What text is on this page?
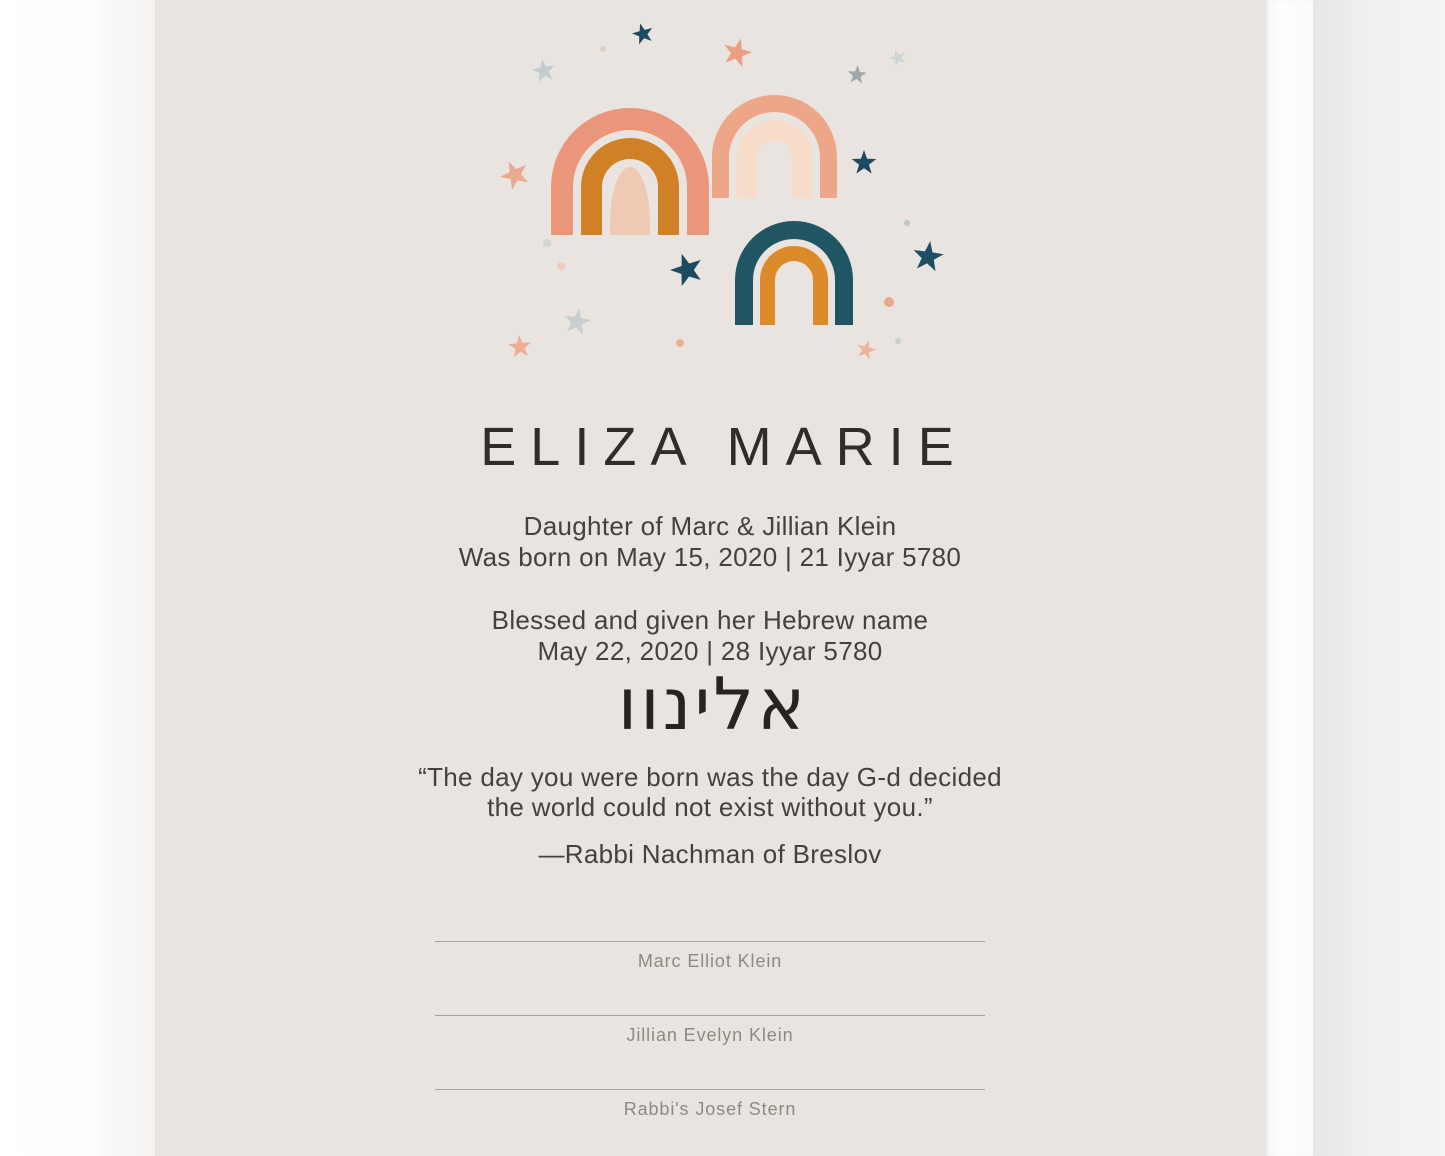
ELIZA MARIE
Daughter of Marc & Jillian Klein
Was born on May 15, 2020 | 21 Iyyar 5780
Blessed and given her Hebrew name
May 22, 2020 | 28 Iyyar 5780
אלינוו
“The day you were born was the day G-d decided
the world could not exist without you.”
—Rabbi Nachman of Breslov
Marc Elliot Klein
Jillian Evelyn Klein
Rabbi's Josef Stern
